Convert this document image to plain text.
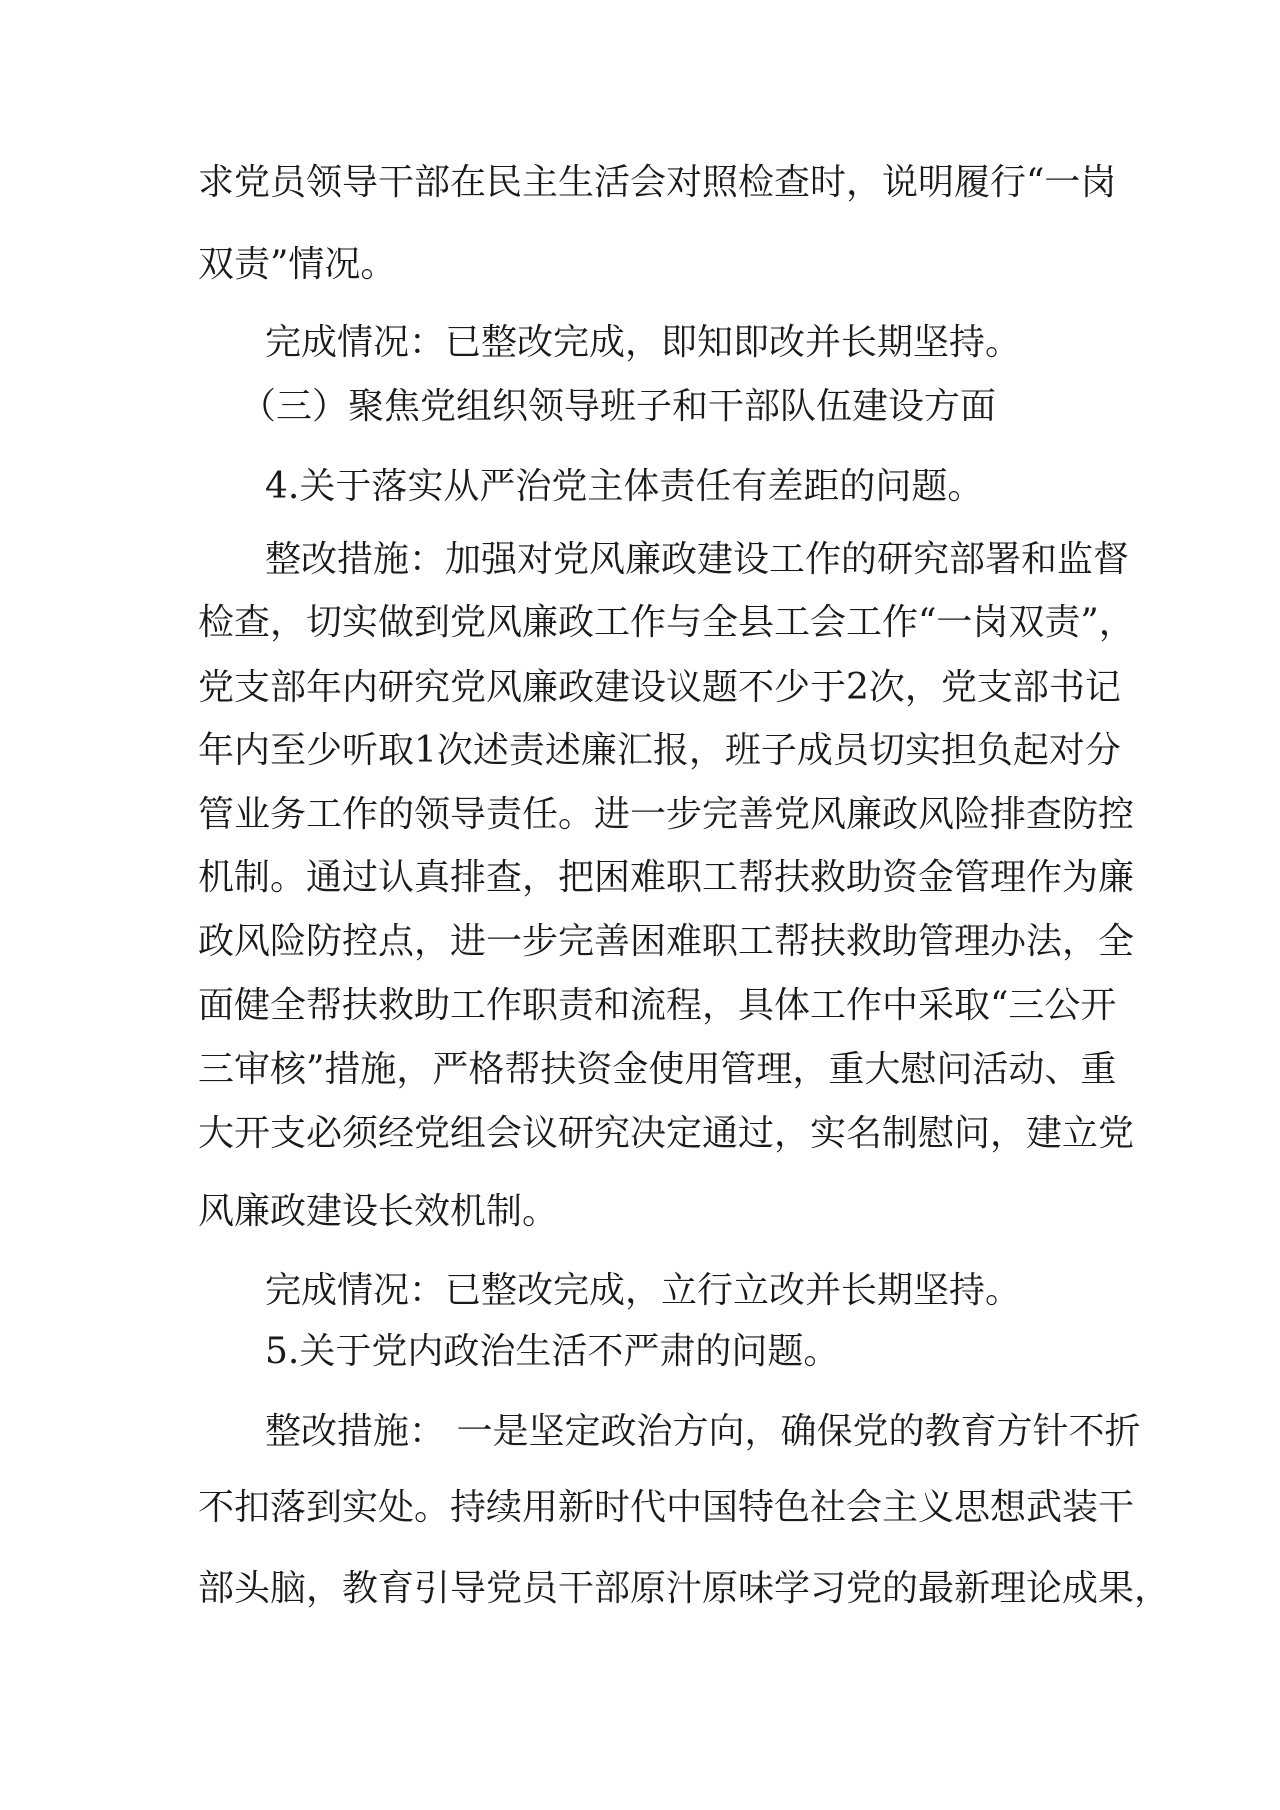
求党员领导干部在民主生活会对照检查时，说明履行“一岗
双责”情况。
完成情况：已整改完成，即知即改并长期坚持。
（三）聚焦党组织领导班子和干部队伍建设方面
4.关于落实从严治党主体责任有差距的问题。
整改措施：加强对党风廉政建设工作的研究部署和监督
检查，切实做到党风廉政工作与全县工会工作“一岗双责”，
党支部年内研究党风廉政建设议题不少于2次，党支部书记
年内至少听取1次述责述廉汇报，班子成员切实担负起对分
管业务工作的领导责任。进一步完善党风廉政风险排查防控
机制。通过认真排查，把困难职工帮扶救助资金管理作为廉
政风险防控点，进一步完善困难职工帮扶救助管理办法，全
面健全帮扶救助工作职责和流程，具体工作中采取“三公开
三审核”措施，严格帮扶资金使用管理，重大慰问活动、重
大开支必须经党组会议研究决定通过，实名制慰问，建立党
风廉政建设长效机制。
完成情况：已整改完成，立行立改并长期坚持。
5.关于党内政治生活不严肃的问题。
整改措施： 一是坚定政治方向，确保党的教育方针不折
不扣落到实处。持续用新时代中国特色社会主义思想武装干
部头脑，教育引导党员干部原汁原味学习党的最新理论成果，
